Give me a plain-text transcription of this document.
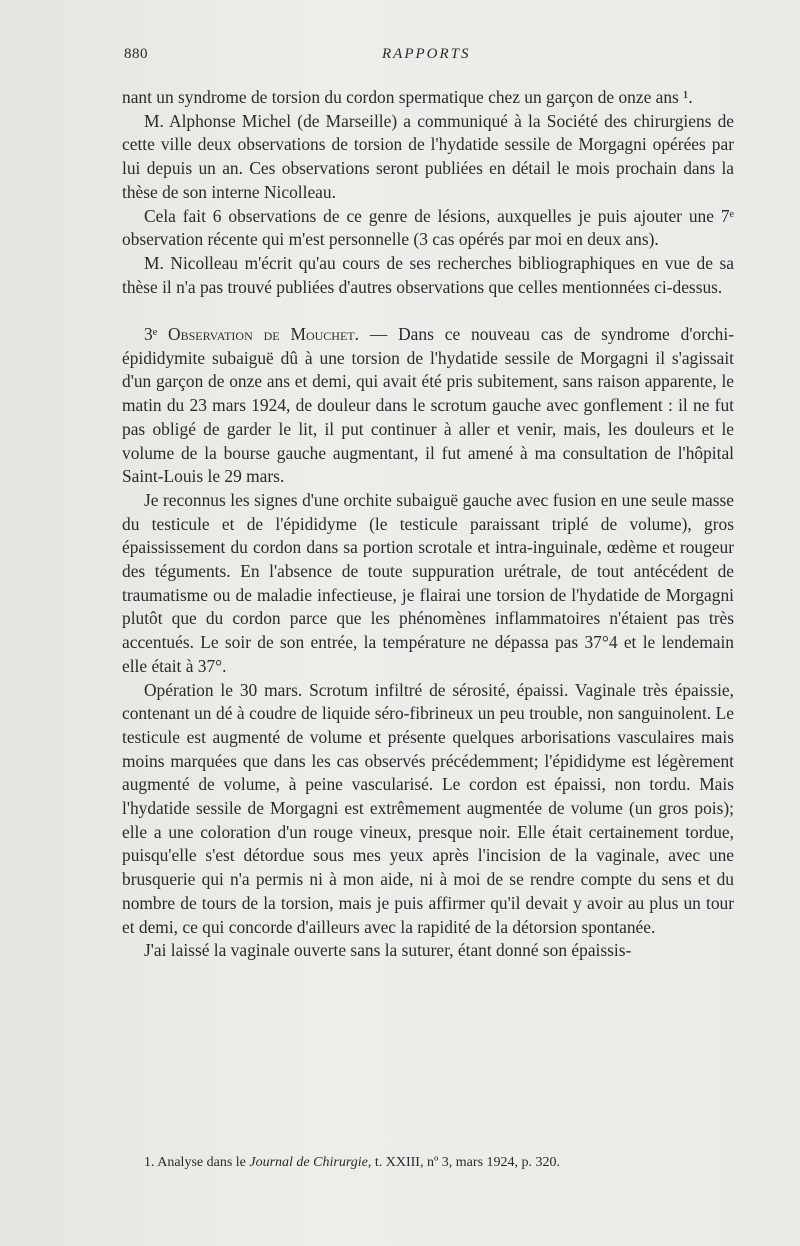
880	RAPPORTS

nant un syndrome de torsion du cordon spermatique chez un garçon de onze ans ¹.

M. Alphonse Michel (de Marseille) a communiqué à la Société des chirurgiens de cette ville deux observations de torsion de l'hydatide sessile de Morgagni opérées par lui depuis un an. Ces observations seront publiées en détail le mois prochain dans la thèse de son interne Nicolleau.

Cela fait 6 observations de ce genre de lésions, auxquelles je puis ajouter une 7ᵉ observation récente qui m'est personnelle (3 cas opérés par moi en deux ans).

M. Nicolleau m'écrit qu'au cours de ses recherches bibliographiques en vue de sa thèse il n'a pas trouvé publiées d'autres observations que celles mentionnées ci-dessus.

3ᵉ Observation de Mouchet. — Dans ce nouveau cas de syndrome d'orchi-épididymite subaiguë dû à une torsion de l'hydatide sessile de Morgagni il s'agissait d'un garçon de onze ans et demi, qui avait été pris subitement, sans raison apparente, le matin du 23 mars 1924, de douleur dans le scrotum gauche avec gonflement : il ne fut pas obligé de garder le lit, il put continuer à aller et venir, mais, les douleurs et le volume de la bourse gauche augmentant, il fut amené à ma consultation de l'hôpital Saint-Louis le 29 mars.

Je reconnus les signes d'une orchite subaiguë gauche avec fusion en une seule masse du testicule et de l'épididyme (le testicule paraissant triplé de volume), gros épaississement du cordon dans sa portion scrotale et intra-inguinale, œdème et rougeur des téguments. En l'absence de toute suppuration urétrale, de tout antécédent de traumatisme ou de maladie infectieuse, je flairai une torsion de l'hydatide de Morgagni plutôt que du cordon parce que les phénomènes inflammatoires n'étaient pas très accentués. Le soir de son entrée, la température ne dépassa pas 37°4 et le lendemain elle était à 37°.

Opération le 30 mars. Scrotum infiltré de sérosité, épaissi. Vaginale très épaissie, contenant un dé à coudre de liquide séro-fibrineux un peu trouble, non sanguinolent. Le testicule est augmenté de volume et présente quelques arborisations vasculaires mais moins marquées que dans les cas observés précédemment; l'épididyme est légèrement augmenté de volume, à peine vascularisé. Le cordon est épaissi, non tordu. Mais l'hydatide sessile de Morgagni est extrêmement augmentée de volume (un gros pois); elle a une coloration d'un rouge vineux, presque noir. Elle était certainement tordue, puisqu'elle s'est détordue sous mes yeux après l'incision de la vaginale, avec une brusquerie qui n'a permis ni à mon aide, ni à moi de se rendre compte du sens et du nombre de tours de la torsion, mais je puis affirmer qu'il devait y avoir au plus un tour et demi, ce qui concorde d'ailleurs avec la rapidité de la détorsion spontanée.

J'ai laissé la vaginale ouverte sans la suturer, étant donné son épaissis-

1. Analyse dans le Journal de Chirurgie, t. XXIII, nº 3, mars 1924, p. 320.
